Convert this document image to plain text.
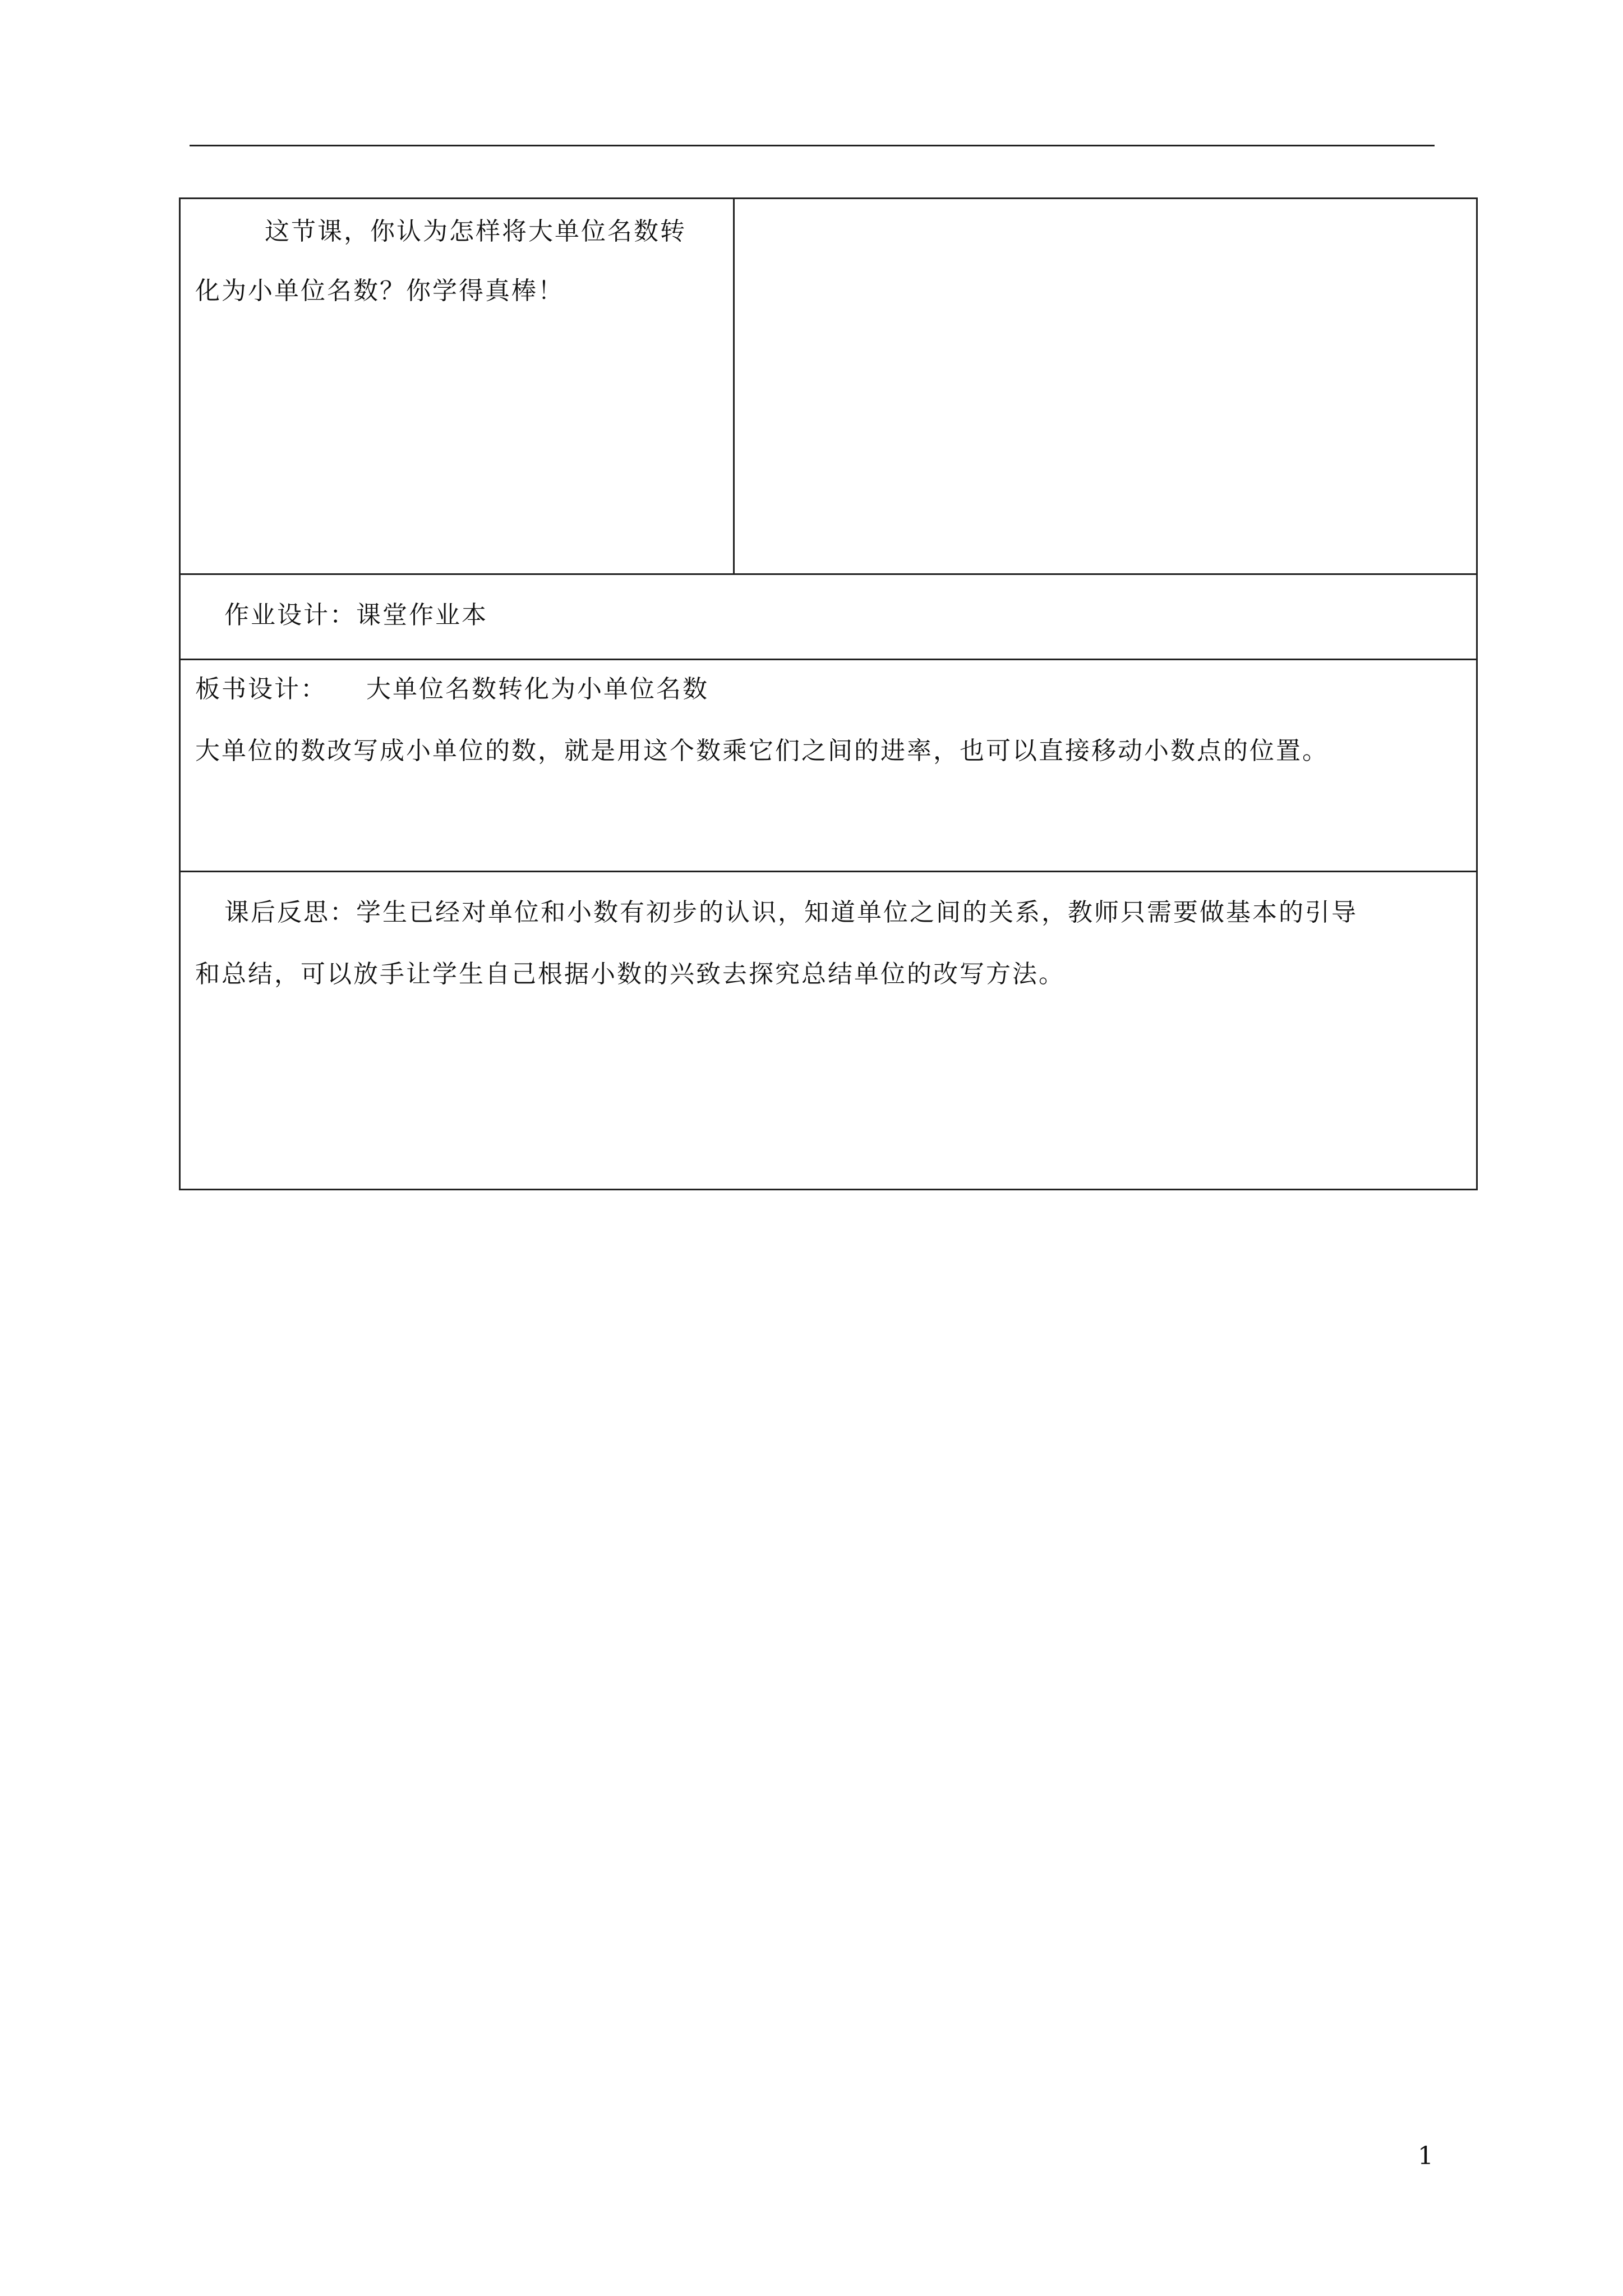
这节课，你认为怎样将大单位名数转
化为小单位名数？你学得真棒！
作业设计：课堂作业本
板书设计： 大单位名数转化为小单位名数
大单位的数改写成小单位的数，就是用这个数乘它们之间的进率，也可以直接移动小数点的位置。
课后反思：学生已经对单位和小数有初步的认识，知道单位之间的关系，教师只需要做基本的引导
和总结，可以放手让学生自己根据小数的兴致去探究总结单位的改写方法。
1
